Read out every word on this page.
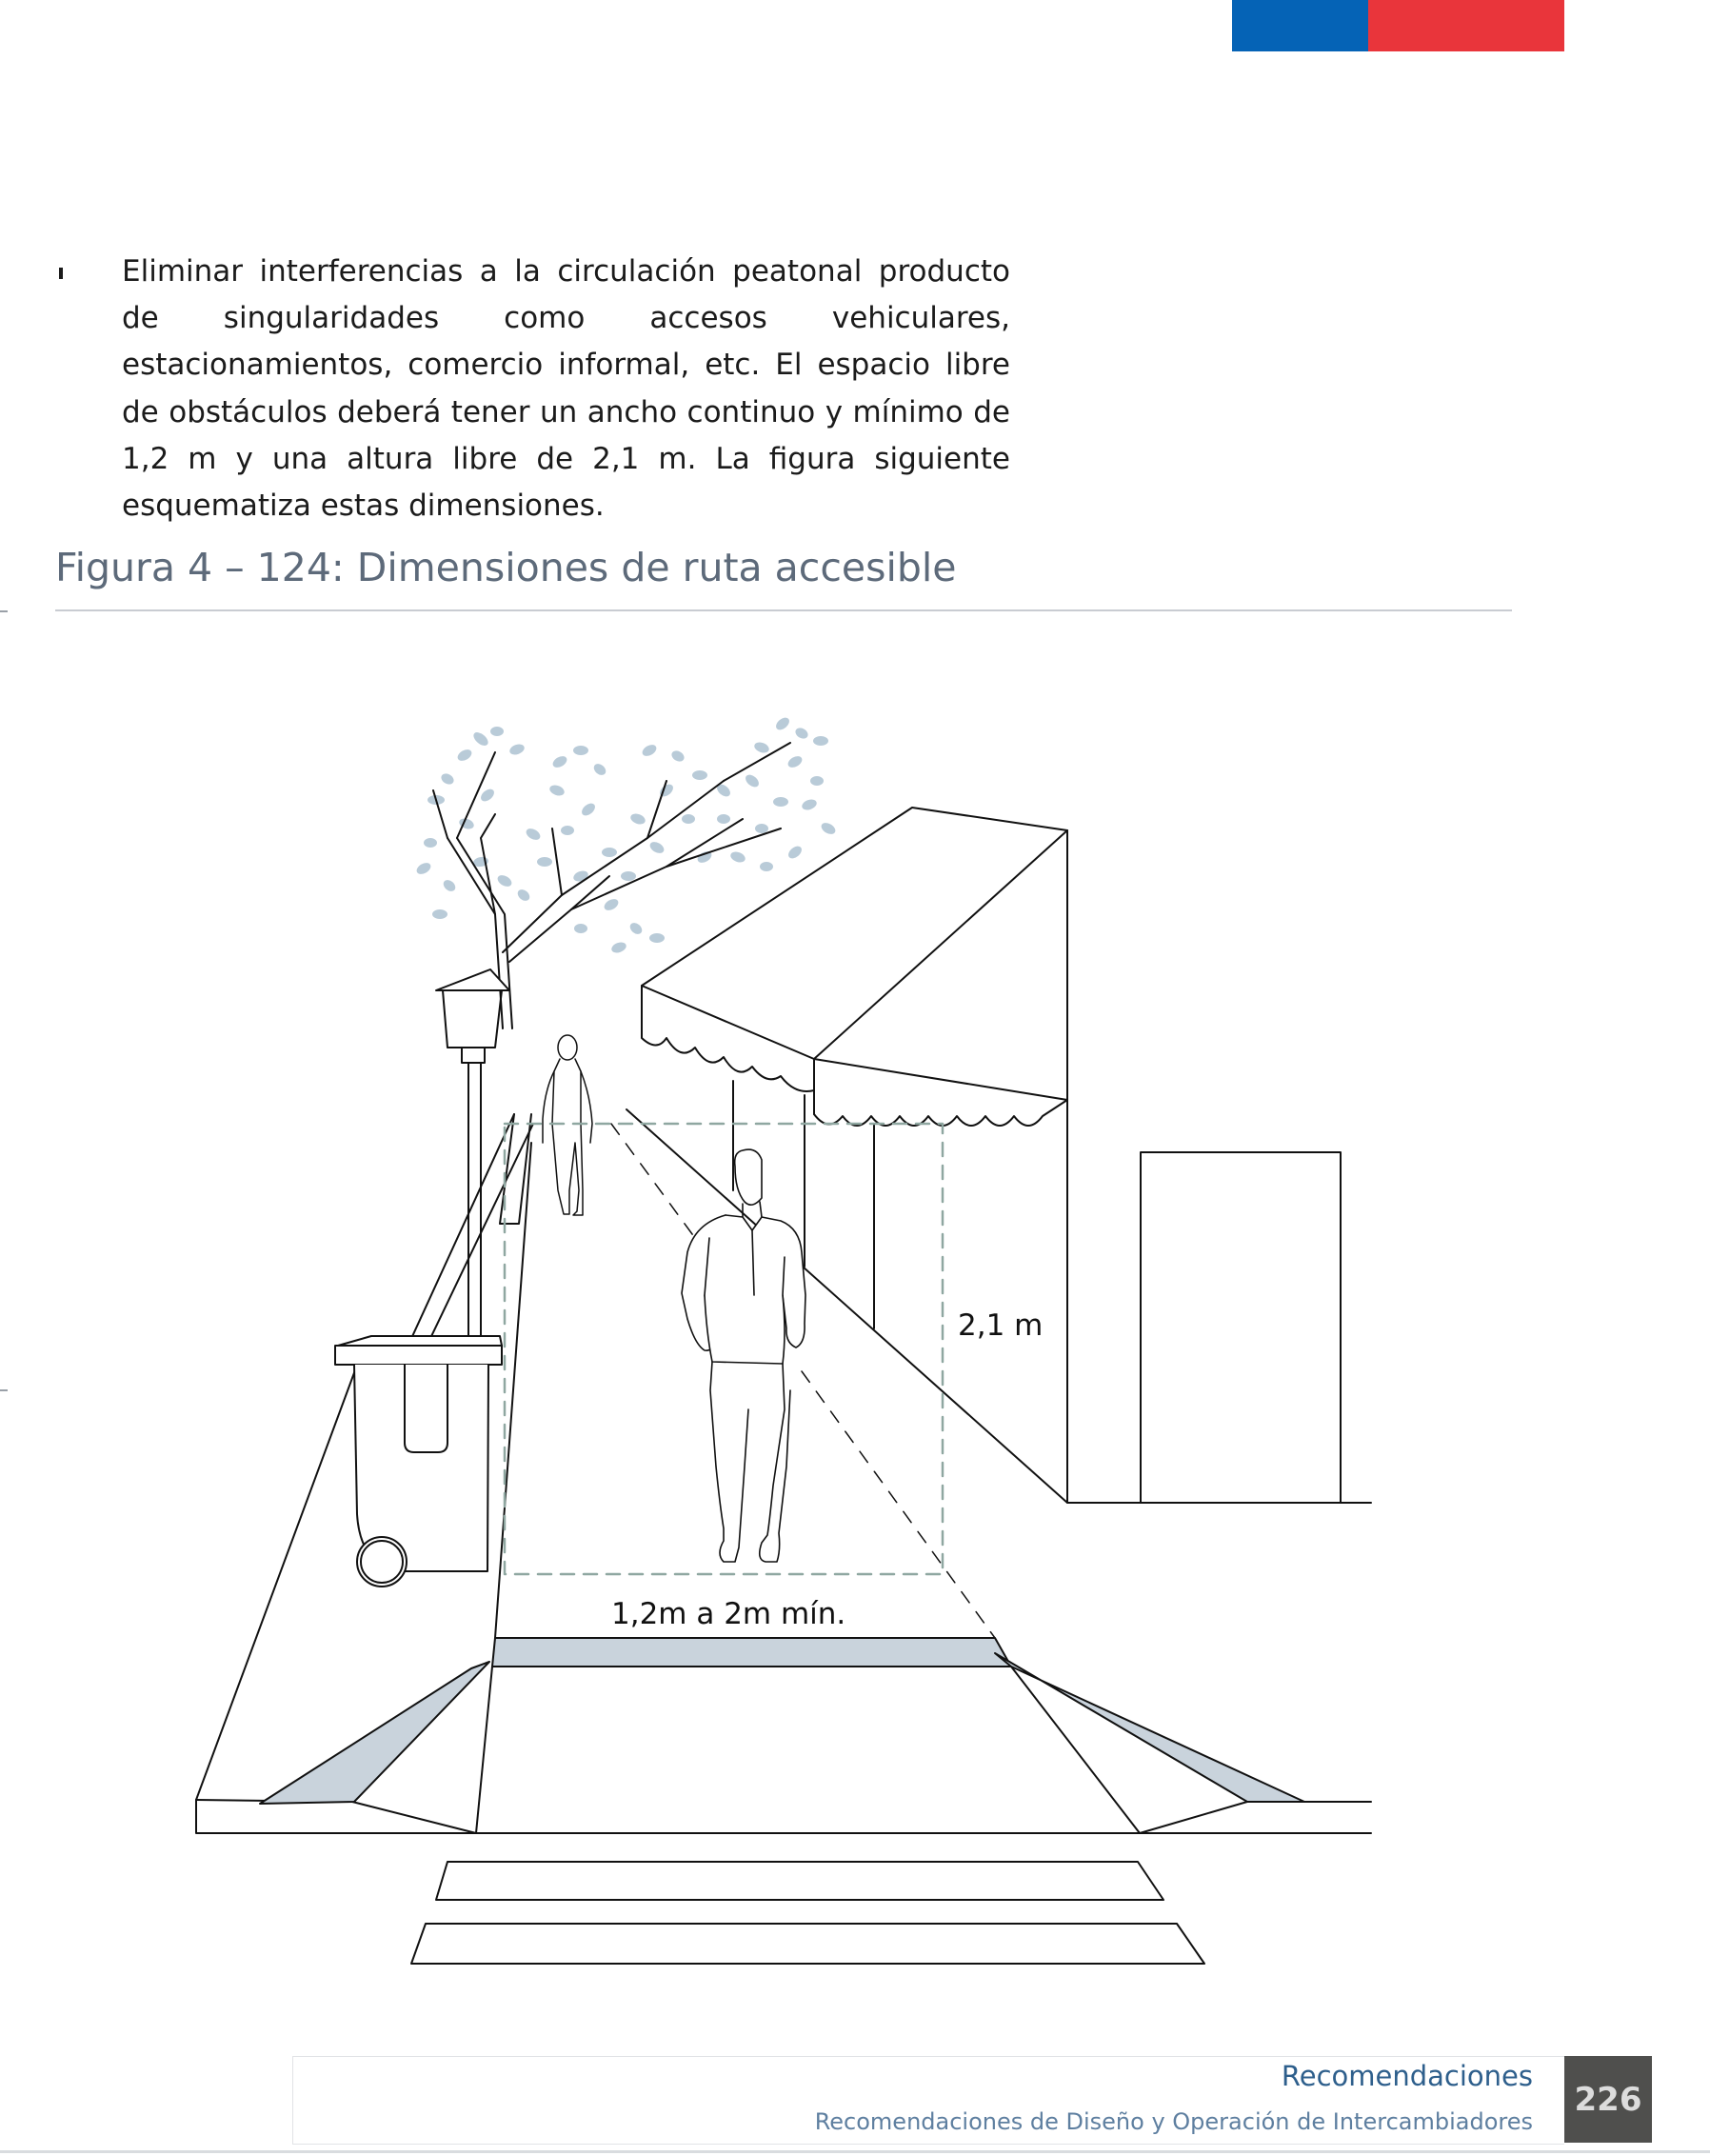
Eliminar interferencias a la circulación peatonal producto de singularidades como accesos vehiculares, estacionamientos, comercio informal, etc. El espacio libre de obstáculos deberá tener un ancho continuo y mínimo de 1,2 m y una altura libre de 2,1 m. La figura siguiente esquematiza estas dimensiones.

Figura 4 – 124: Dimensiones de ruta accesible
2,1 m
1,2m a 2m mín.
Recomendaciones
Recomendaciones de Diseño y Operación de Intercambiadores
226
